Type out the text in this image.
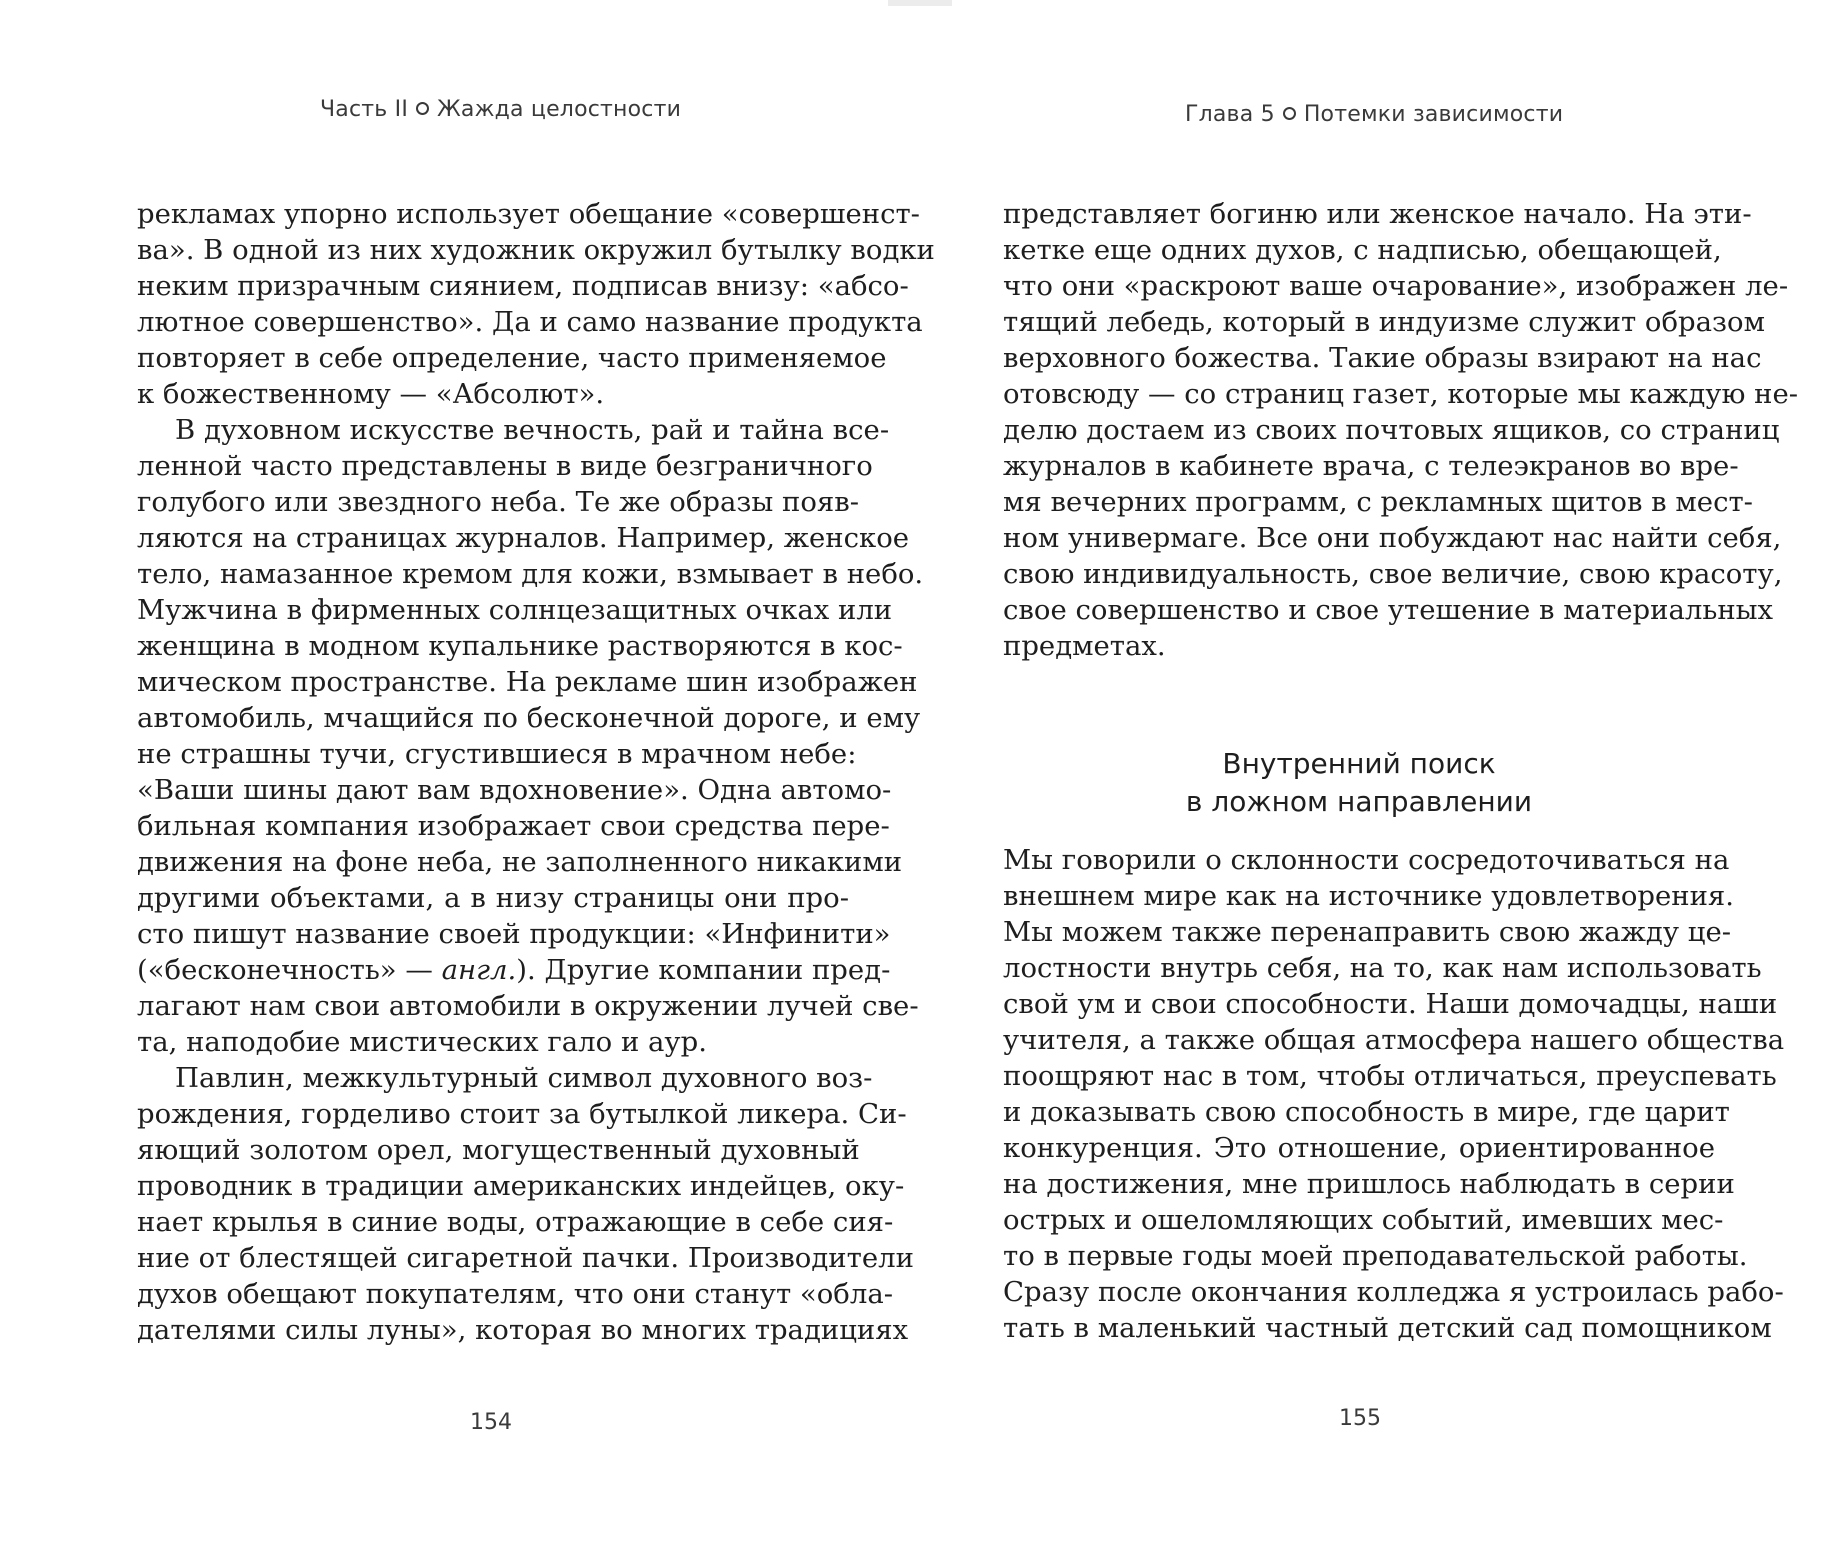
Часть II Жажда целостности
рекламах упорно использует обещание «совершенст-
ва». В одной из них художник окружил бутылку водки
неким призрачным сиянием, подписав внизу: «абсо-
лютное совершенство». Да и само название продукта
повторяет в себе определение, часто применяемое
к божественному — «Абсолют».
В духовном искусстве вечность, рай и тайна все-
ленной часто представлены в виде безграничного
голубого или звездного неба. Те же образы появ-
ляются на страницах журналов. Например, женское
тело, намазанное кремом для кожи, взмывает в небо.
Мужчина в фирменных солнцезащитных очках или
женщина в модном купальнике растворяются в кос-
мическом пространстве. На рекламе шин изображен
автомобиль, мчащийся по бесконечной дороге, и ему
не страшны тучи, сгустившиеся в мрачном небе:
«Ваши шины дают вам вдохновение». Одна автомо-
бильная компания изображает свои средства пере-
движения на фоне неба, не заполненного никакими
другими объектами, а в низу страницы они про-
сто пишут название своей продукции: «Инфинити»
(«бесконечность» — англ.). Другие компании пред-
лагают нам свои автомобили в окружении лучей све-
та, наподобие мистических гало и аур.
Павлин, межкультурный символ духовного воз-
рождения, горделиво стоит за бутылкой ликера. Си-
яющий золотом орел, могущественный духовный
проводник в традиции американских индейцев, оку-
нает крылья в синие воды, отражающие в себе сия-
ние от блестящей сигаретной пачки. Производители
духов обещают покупателям, что они станут «обла-
дателями силы луны», которая во многих традициях
154
Глава 5 Потемки зависимости
представляет богиню или женское начало. На эти-
кетке еще одних духов, с надписью, обещающей,
что они «раскроют ваше очарование», изображен ле-
тящий лебедь, который в индуизме служит образом
верховного божества. Такие образы взирают на нас
отовсюду — со страниц газет, которые мы каждую не-
делю достаем из своих почтовых ящиков, со страниц
журналов в кабинете врача, с телеэкранов во вре-
мя вечерних программ, с рекламных щитов в мест-
ном универмаге. Все они побуждают нас найти себя,
свою индивидуальность, свое величие, свою красоту,
свое совершенство и свое утешение в материальных
предметах.
Внутренний поиск
в ложном направлении
Мы говорили о склонности сосредоточиваться на
внешнем мире как на источнике удовлетворения.
Мы можем также перенаправить свою жажду це-
лостности внутрь себя, на то, как нам использовать
свой ум и свои способности. Наши домочадцы, наши
учителя, а также общая атмосфера нашего общества
поощряют нас в том, чтобы отличаться, преуспевать
и доказывать свою способность в мире, где царит
конкуренция. Это отношение, ориентированное
на достижения, мне пришлось наблюдать в серии
острых и ошеломляющих событий, имевших мес-
то в первые годы моей преподавательской работы.
Сразу после окончания колледжа я устроилась рабо-
тать в маленький частный детский сад помощником
155
